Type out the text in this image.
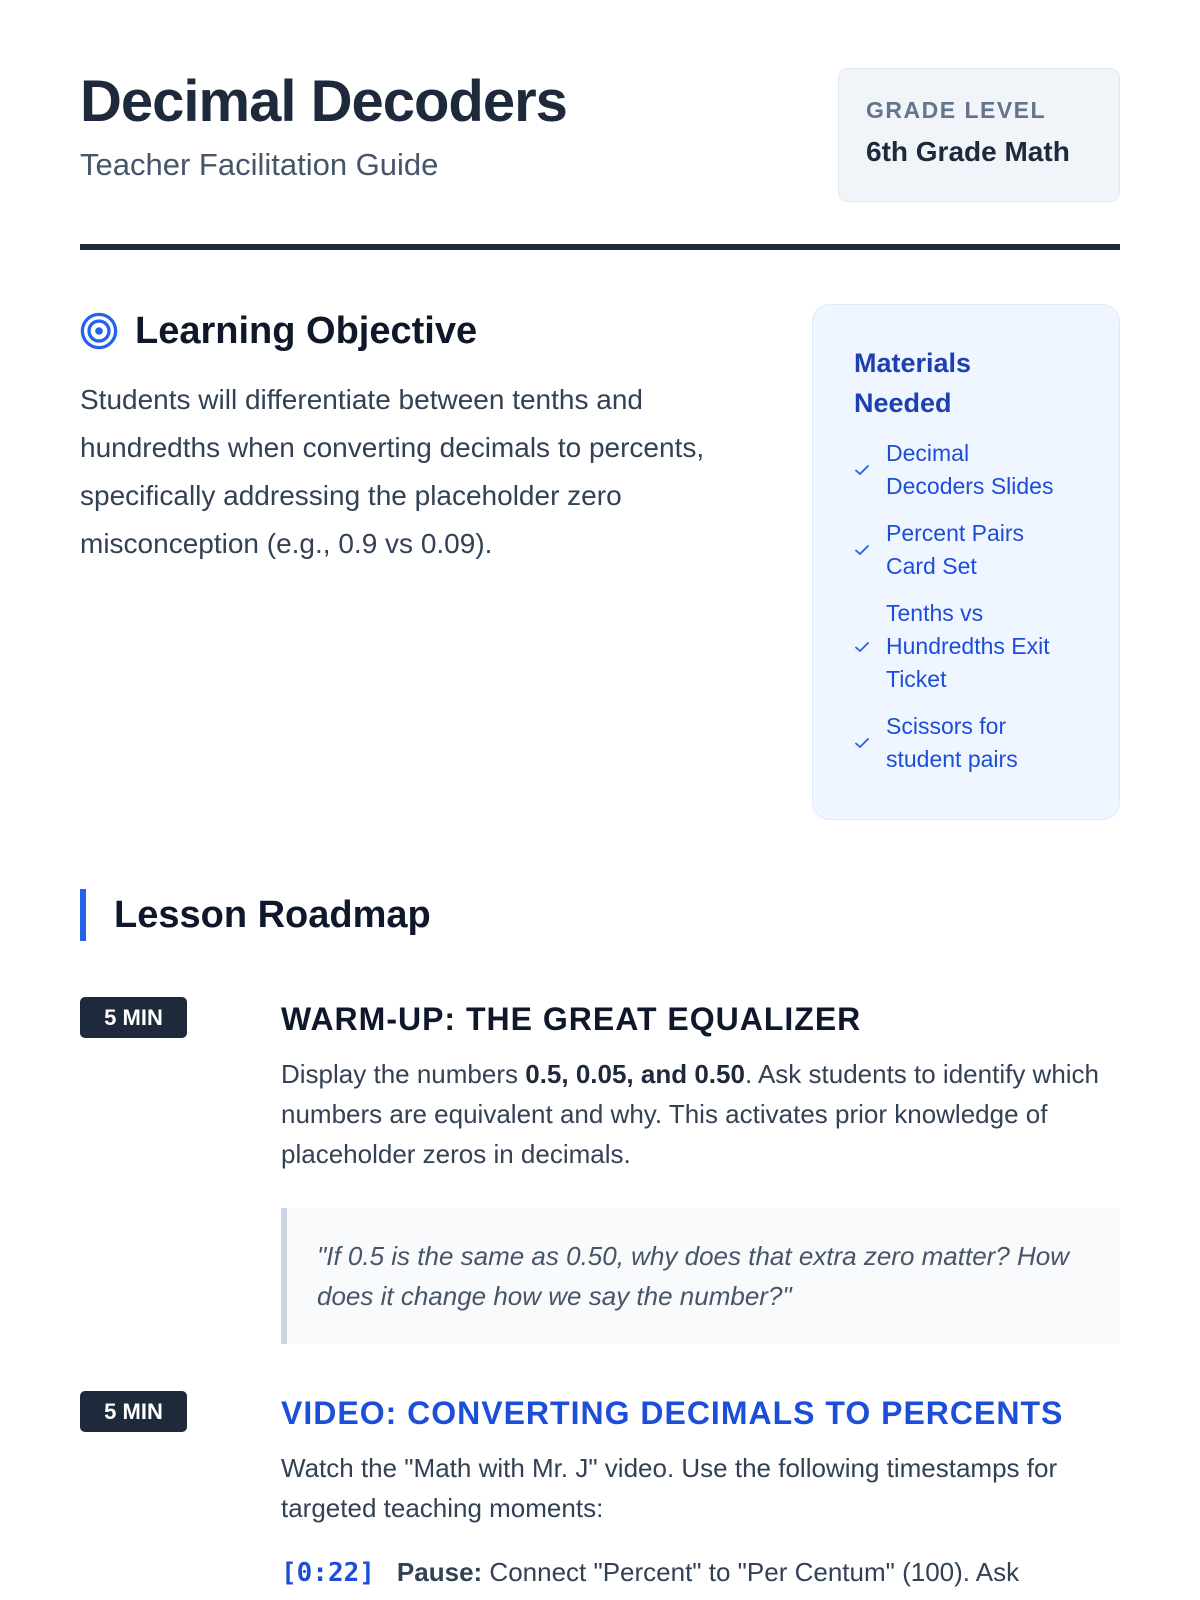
Decimal Decoders
Teacher Facilitation Guide
GRADE LEVEL
6th Grade Math
Learning Objective

Students will differentiate between tenths and hundredths when converting decimals to percents, specifically addressing the placeholder zero misconception (e.g., 0.9 vs 0.09).

Materials Needed
Decimal Decoders Slides
Percent Pairs Card Set
Tenths vs Hundredths Exit Ticket
Scissors for student pairs
Lesson Roadmap
5 MIN	WARM-UP: THE GREAT EQUALIZER

Display the numbers 0.5, 0.05, and 0.50. Ask students to identify which numbers are equivalent and why. This activates prior knowledge of placeholder zeros in decimals.

"If 0.5 is the same as 0.50, why does that extra zero matter? How does it change how we say the number?"
5 MIN	VIDEO: CONVERTING DECIMALS TO PERCENTS

Watch the "Math with Mr. J" video. Use the following timestamps for targeted teaching moments:

[0:22] Pause: Connect "Percent" to "Per Centum" (100). Ask
